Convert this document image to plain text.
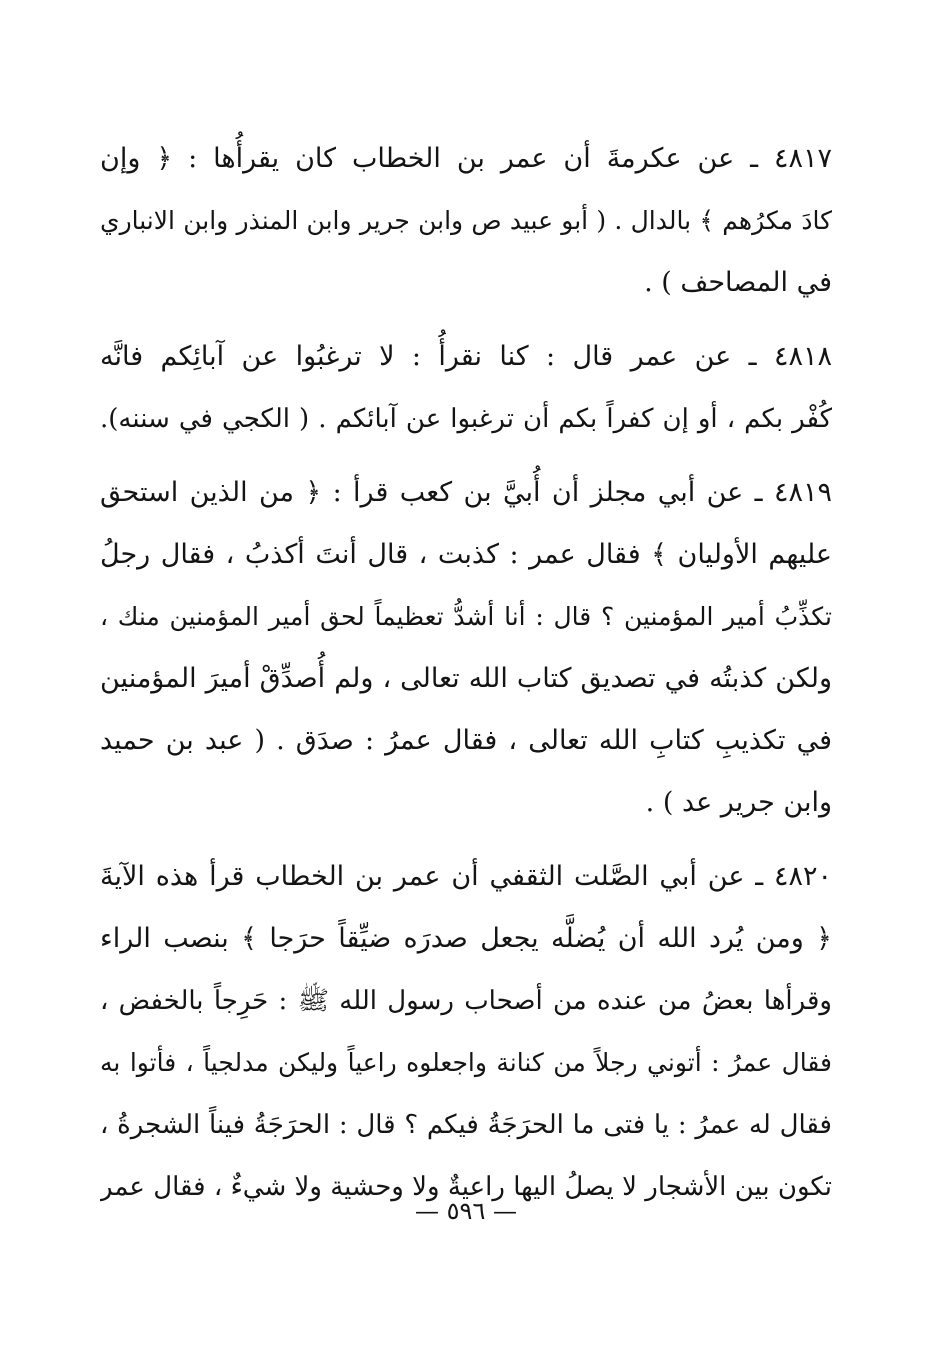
٤٨١٧ ـ عن عكرمةَ أن عمر بن الخطاب كان يقرأُها : ﴿ وإن
كادَ مكرُهم ﴾ بالدال . ( أبو عبيد ص وابن جرير وابن المنذر وابن الانباري
في المصاحف ) .
٤٨١٨ ـ عن عمر قال : كنا نقرأُ : لا ترغبُوا عن آبائِكم فانَّه
كُفْر بكم ، أو إن كفراً بكم أن ترغبوا عن آبائكم . ( الكجي في سننه).
٤٨١٩ ـ عن أبي مجلز أن أُبيَّ بن كعب قرأ : ﴿ من الذين استحق
عليهم الأوليان ﴾ فقال عمر : كذبت ، قال أنتَ أكذبُ ، فقال رجلُ
تكذِّبُ أمير المؤمنين ؟ قال : أنا أشدُّ تعظيماً لحق أمير المؤمنين منك ،
ولكن كذبتُه في تصديق كتاب الله تعالى ، ولم أُصدِّقْ أميرَ المؤمنين
في تكذيبِ كتابِ الله تعالى ، فقال عمرُ : صدَق . ( عبد بن حميد
وابن جرير عد ) .
٤٨٢٠ ـ عن أبي الصَّلت الثقفي أن عمر بن الخطاب قرأ هذه الآيةَ
﴿ ومن يُرد الله أن يُضلَّه يجعل صدرَه ضيِّقاً حرَجا ﴾ بنصب الراء
وقرأها بعضُ من عنده من أصحاب رسول الله ﷺ : حَرِجاً بالخفض ،
فقال عمرُ : أتوني رجلاً من كنانة واجعلوه راعياً وليكن مدلجياً ، فأتوا به
فقال له عمرُ : يا فتى ما الحرَجَةُ فيكم ؟ قال : الحرَجَةُ فيناً الشجرةُ ،
تكون بين الأشجار لا يصلُ اليها راعيةٌ ولا وحشية ولا شيءٌ ، فقال عمر
— ٥٩٦ —
